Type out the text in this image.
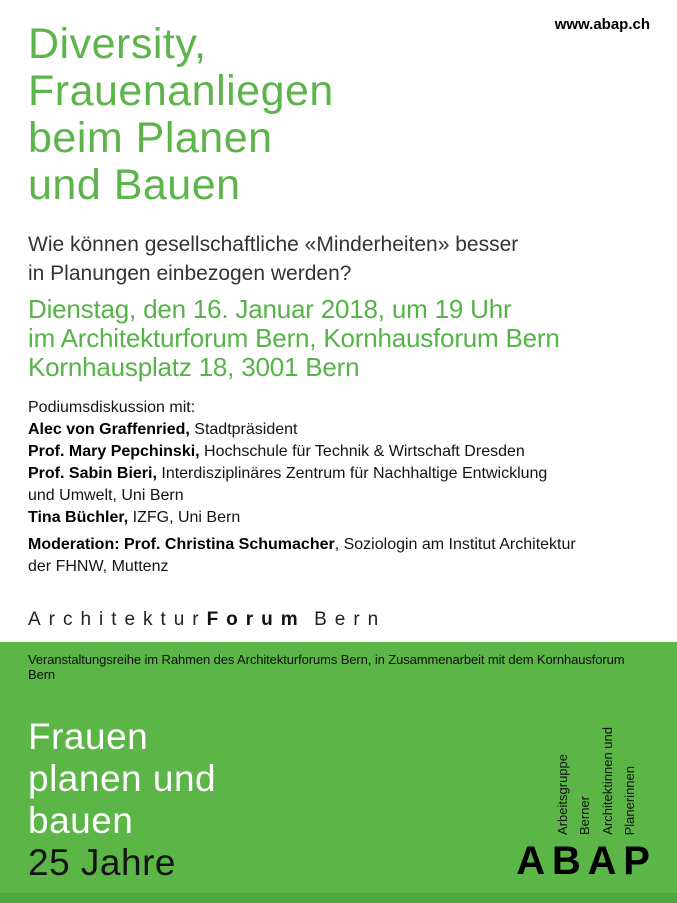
www.abap.ch
Diversity,
Frauenanliegen
beim Planen
und Bauen
Wie können gesellschaftliche «Minderheiten» besser
in Planungen einbezogen werden?
Dienstag, den 16. Januar 2018, um 19 Uhr
im Architekturforum Bern, Kornhausforum Bern
Kornhausplatz 18, 3001 Bern
Podiumsdiskussion mit:
Alec von Graffenried, Stadtpräsident
Prof. Mary Pepchinski, Hochschule für Technik & Wirtschaft Dresden
Prof. Sabin Bieri, Interdisziplinäres Zentrum für Nachhaltige Entwicklung
und Umwelt, Uni Bern
Tina Büchler, IZFG, Uni Bern
Moderation: Prof. Christina Schumacher, Soziologin am Institut Architektur
der FHNW, Muttenz
ArchitekturForum Bern
Veranstaltungsreihe im Rahmen des Architekturforums Bern, in Zusammenarbeit mit dem Kornhausforum Bern
Frauen
planen und
bauen
25 Jahre
Arbeitsgruppe Berner Architektinnen und Planerinnen
ABAP
